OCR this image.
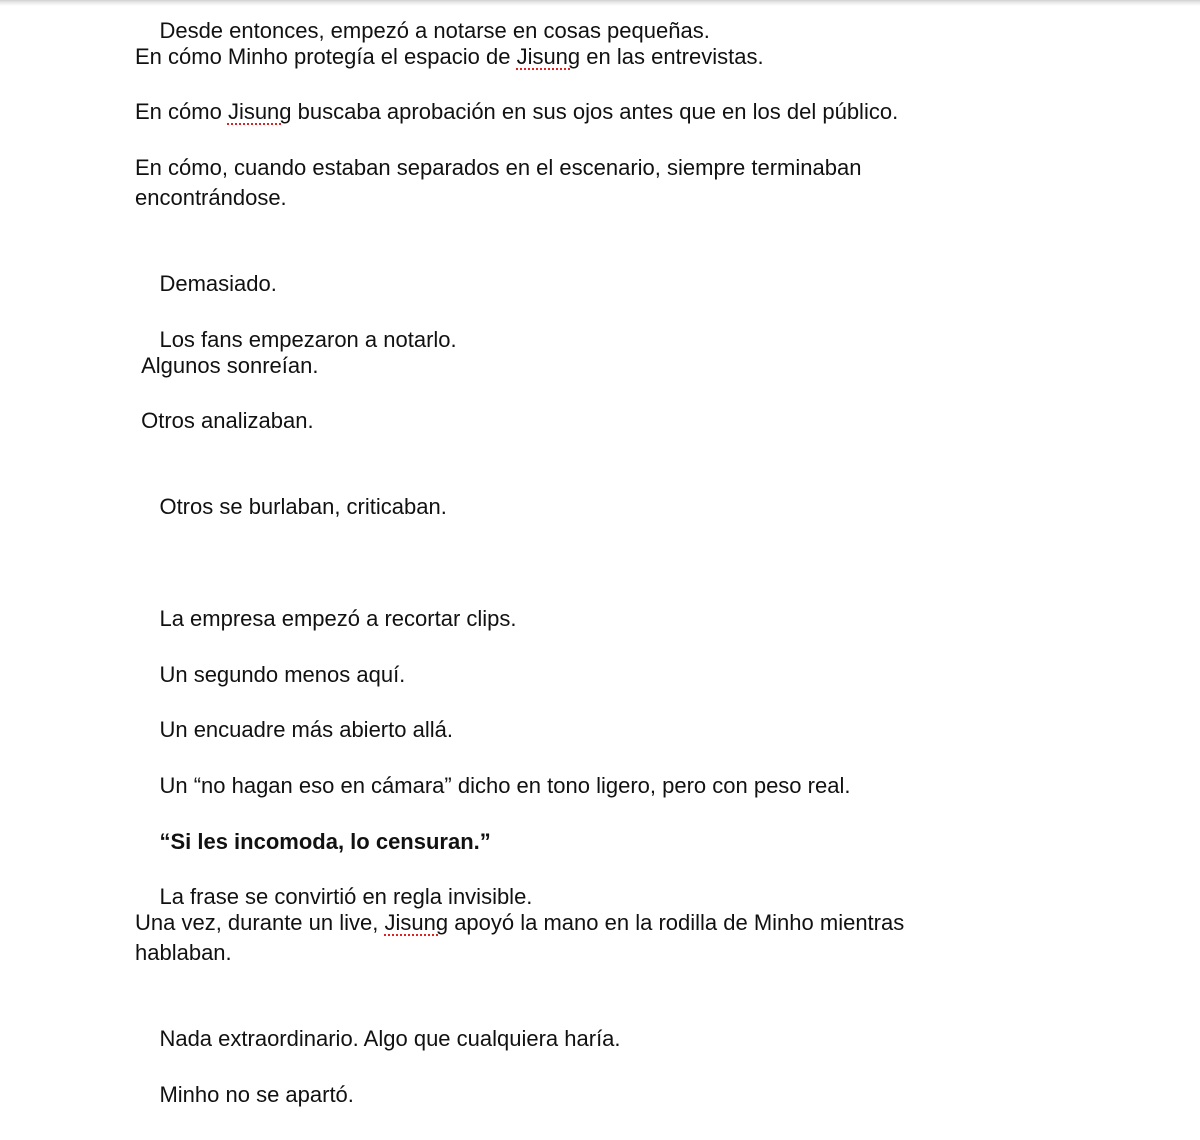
Desde entonces, empezó a notarse en cosas pequeñas.

En cómo Minho protegía el espacio de Jisung en las entrevistas.

En cómo Jisung buscaba aprobación en sus ojos antes que en los del público.

En cómo, cuando estaban separados en el escenario, siempre terminaban
encontrándose.

Demasiado.

Los fans empezaron a notarlo.

Algunos sonreían.

Otros analizaban.

Otros se burlaban, criticaban.

La empresa empezó a recortar clips.

Un segundo menos aquí.

Un encuadre más abierto allá.

Un “no hagan eso en cámara” dicho en tono ligero, pero con peso real.

“Si les incomoda, lo censuran.”

La frase se convirtió en regla invisible.

Una vez, durante un live, Jisung apoyó la mano en la rodilla de Minho mientras
hablaban.

Nada extraordinario. Algo que cualquiera haría.

Minho no se apartó.
